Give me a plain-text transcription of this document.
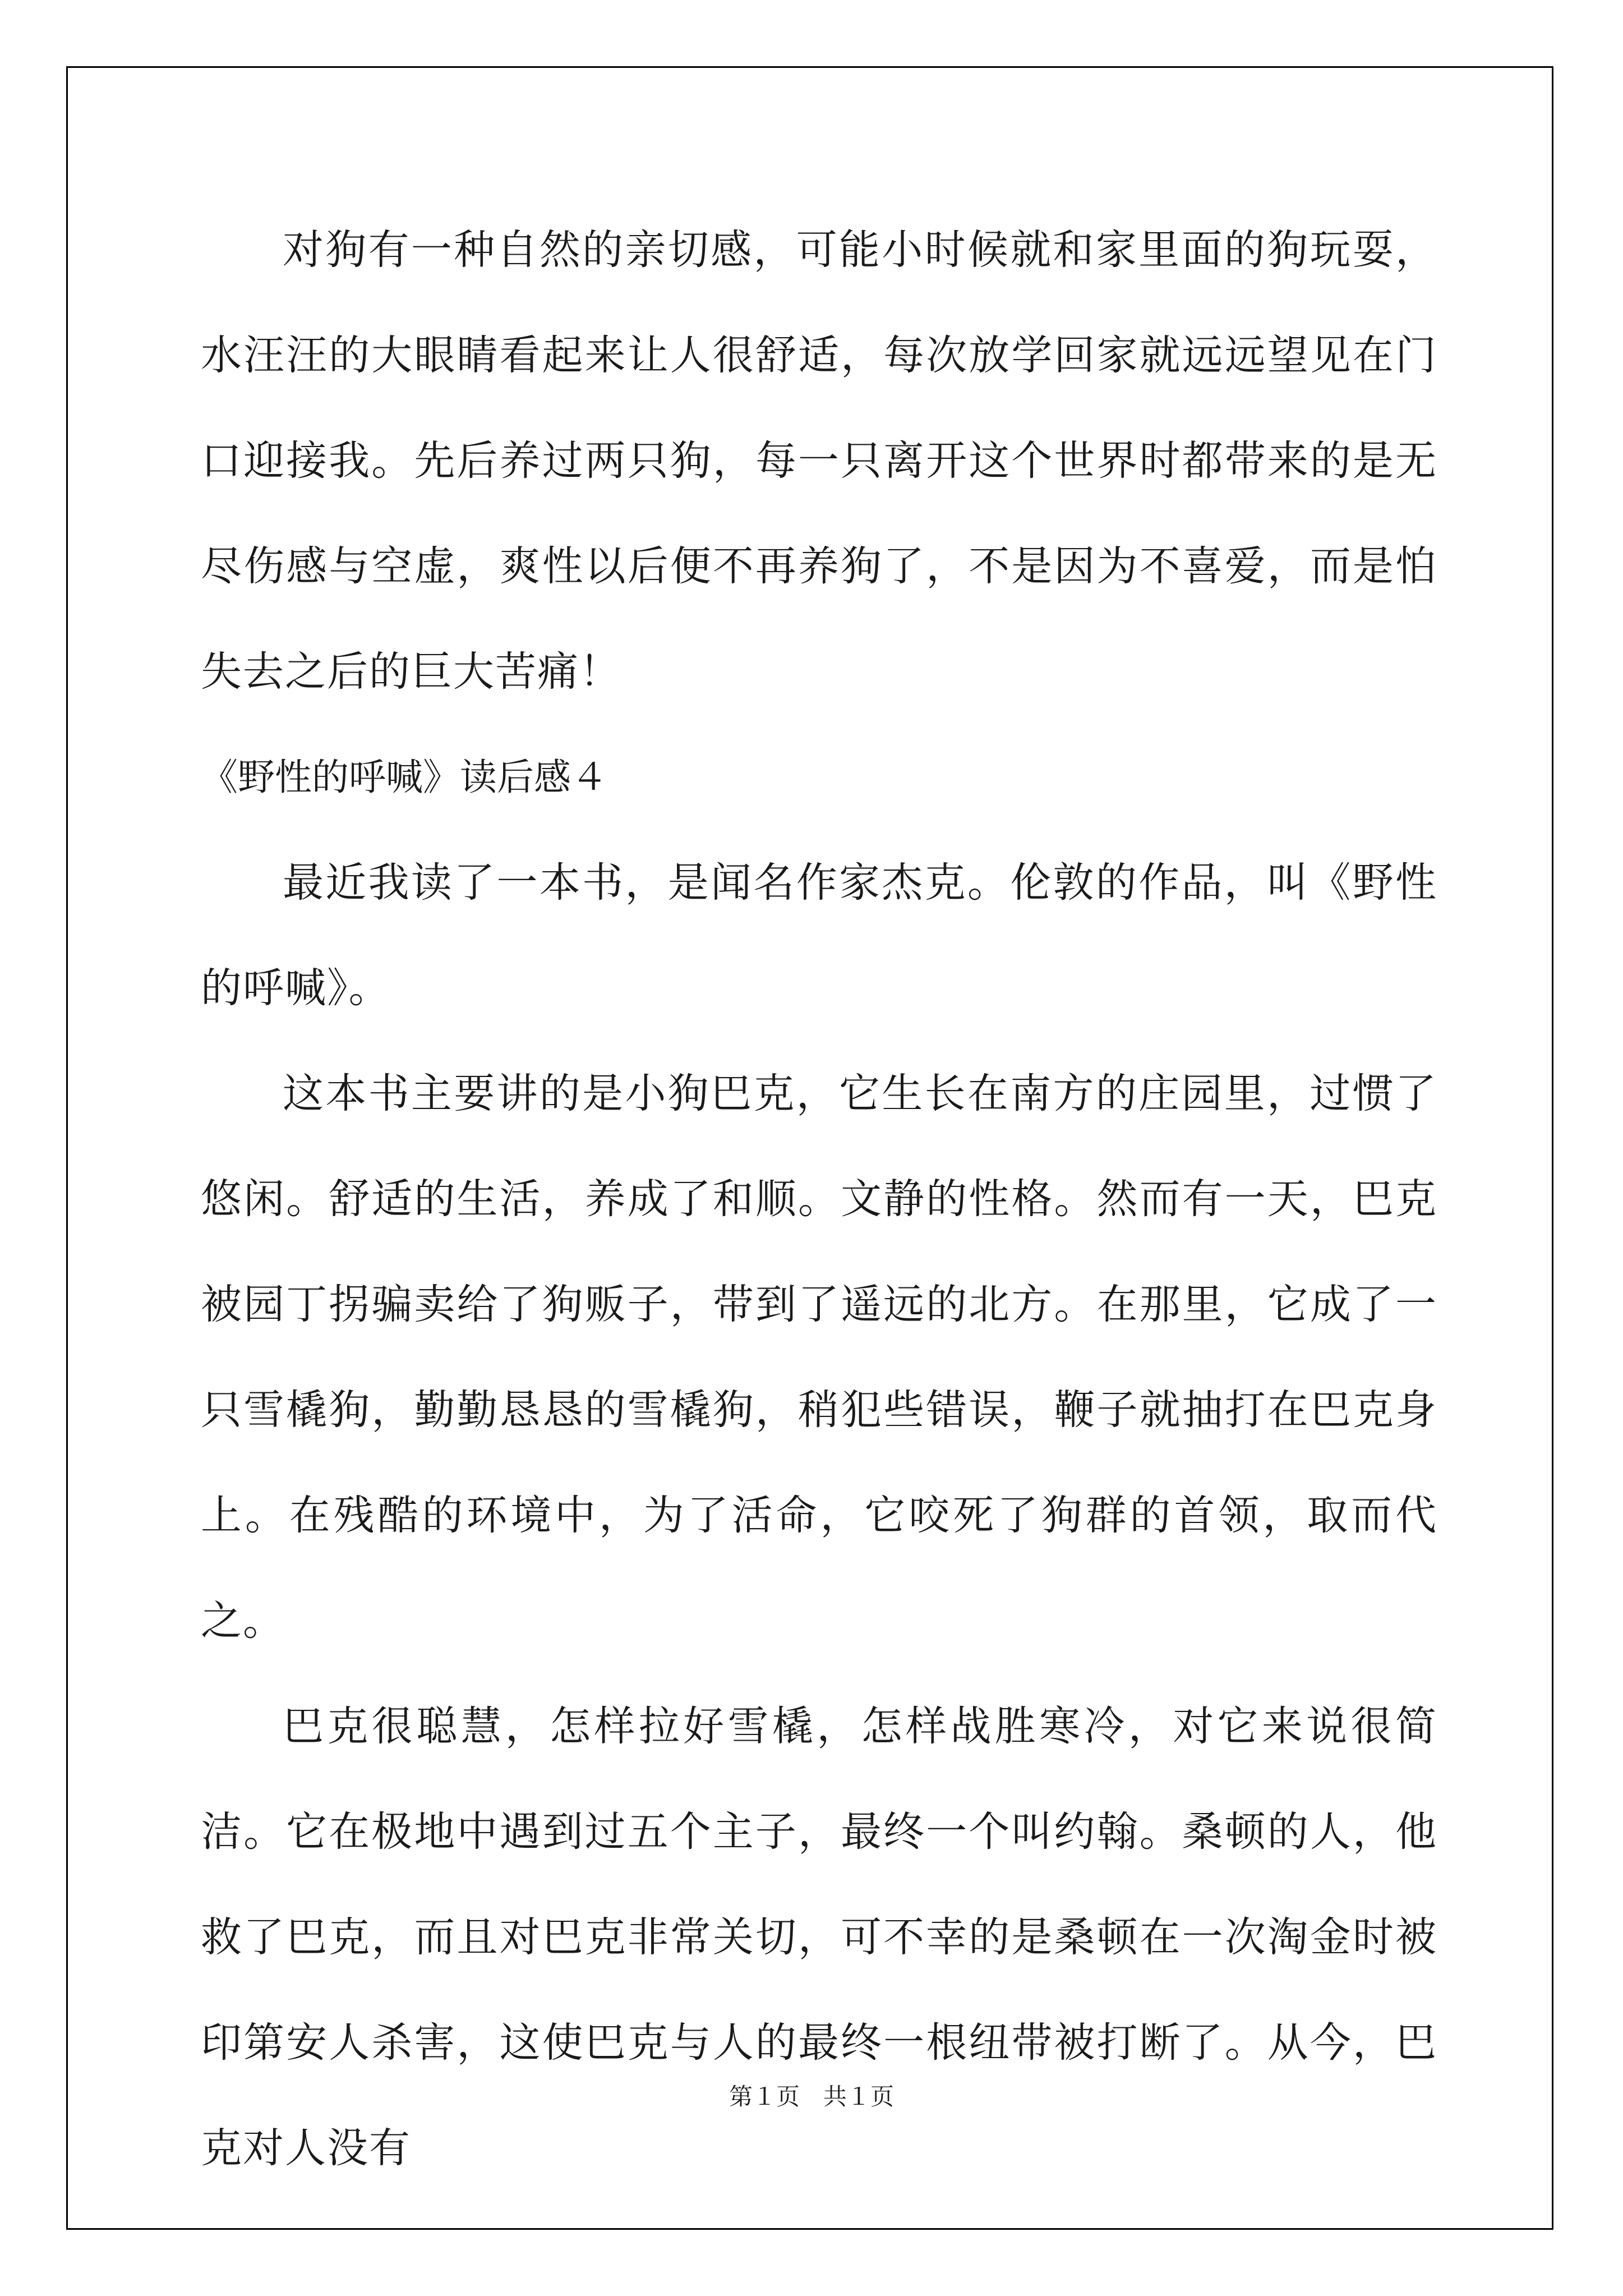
对狗有一种自然的亲切感，可能小时候就和家里面的狗玩耍，水汪汪的大眼睛看起来让人很舒适，每次放学回家就远远望见在门口迎接我。先后养过两只狗，每一只离开这个世界时都带来的是无尽伤感与空虚，爽性以后便不再养狗了，不是因为不喜爱，而是怕失去之后的巨大苦痛！

《野性的呼喊》读后感４

最近我读了一本书，是闻名作家杰克。伦敦的作品，叫《野性的呼喊》。

这本书主要讲的是小狗巴克，它生长在南方的庄园里，过惯了悠闲。舒适的生活，养成了和顺。文静的性格。然而有一天，巴克被园丁拐骗卖给了狗贩子，带到了遥远的北方。在那里，它成了一只雪橇狗，勤勤恳恳的雪橇狗，稍犯些错误，鞭子就抽打在巴克身上。在残酷的环境中，为了活命，它咬死了狗群的首领，取而代之。

巴克很聪慧，怎样拉好雪橇，怎样战胜寒冷，对它来说很简洁。它在极地中遇到过五个主子，最终一个叫约翰。桑顿的人，他救了巴克，而且对巴克非常关切，可不幸的是桑顿在一次淘金时被印第安人杀害，这使巴克与人的最终一根纽带被打断了。从今，巴克对人没有

第１页　共１页
